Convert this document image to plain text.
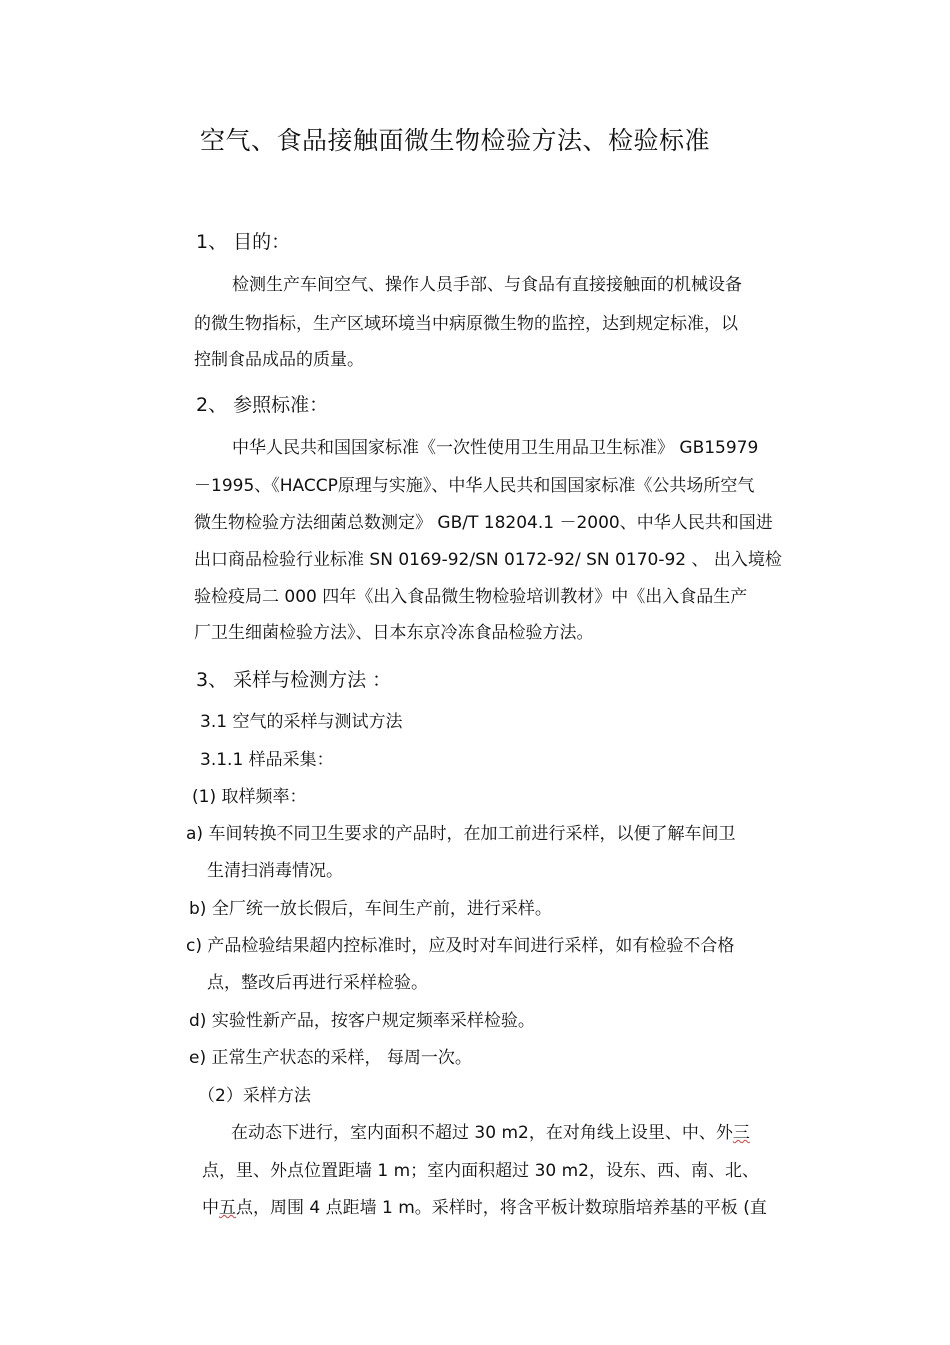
空气、食品接触面微生物检验方法、检验标准
1、 目的：
检测生产车间空气、操作人员手部、与食品有直接接触面的机械设备
的微生物指标，生产区域环境当中病原微生物的监控，达到规定标准，以
控制食品成品的质量。
2、 参照标准：
中华人民共和国国家标准《一次性使用卫生用品卫生标准》 GB15979
－1995、《HACCP原理与实施》、中华人民共和国国家标准《公共场所空气
微生物检验方法细菌总数测定》 GB/T 18204.1 －2000、中华人民共和国进
出口商品检验行业标准 SN 0169-92/SN 0172-92/ SN 0170-92 、 出入境检
验检疫局二 000 四年《出入食品微生物检验培训教材》中《出入食品生产
厂卫生细菌检验方法》、日本东京冷冻食品检验方法。
3、 采样与检测方法 ：
3.1 空气的采样与测试方法
3.1.1 样品采集：
(1) 取样频率：
a) 车间转换不同卫生要求的产品时，在加工前进行采样，以便了解车间卫
生清扫消毒情况。
b) 全厂统一放长假后，车间生产前，进行采样。
c) 产品检验结果超内控标准时，应及时对车间进行采样，如有检验不合格
点，整改后再进行采样检验。
d) 实验性新产品，按客户规定频率采样检验。
e) 正常生产状态的采样， 每周一次。
（2）采样方法
在动态下进行，室内面积不超过 30 m2，在对角线上设里、中、外三
点，里、外点位置距墙 1 m；室内面积超过 30 m2，设东、西、南、北、
中五点，周围 4 点距墙 1 m。采样时，将含平板计数琼脂培养基的平板 (直
